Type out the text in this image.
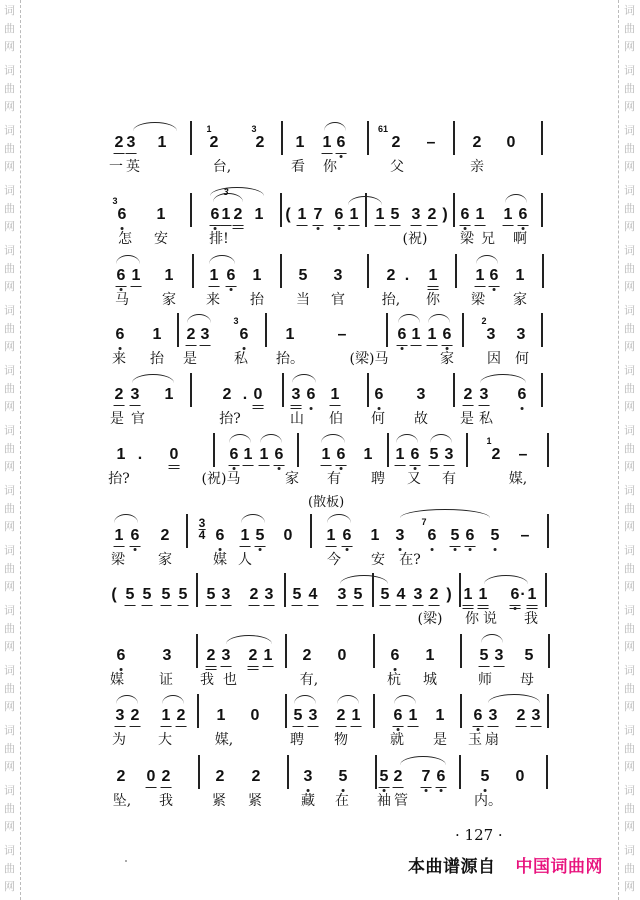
词
曲
网
词
曲
网
词
曲
网
词
曲
网
词
曲
网
词
曲
网
词
曲
网
词
曲
网
词
曲
网
词
曲
网
词
曲
网
词
曲
网
词
曲
网
词
曲
网
词
曲
网
词
曲
网
词
曲
网
词
曲
网
词
曲
网
词
曲
网
词
曲
网
词
曲
网
词
曲
网
词
曲
网
词
曲
网
词
曲
网
词
曲
网
词
曲
网
词
曲
网
词
曲
网
2 3 1	2
1
2
3
1 1 6	2
61
– 2 0
一 英	台,	看 你	父	亲
6
3
1	6 1 2 1 ( 1 7 6 1 1 5 3 2 ) 6 1 1 6
3
怎 安	排!	(祝) 梁 兄 啊
6 1 1 1 6 1 5 3	2 . 1 1 6 1
马 家 来 抬 当 官	抬, 你 梁 家
6 1 2 3 6
3
1	–	6 1 1 6 3
2
3
来 抬 是	私 抬。	(梁)马	家 因 何
2 3 1	2 . 0 3 6 1 6 3 2 3 6
是 官	抬?	山 伯 何 故 是 私
1 . 0	6 1 1 6 1 6 1 1 6 5 3 2
1
–
抬?	(祝)马	家 有 聘 又 有	媒,
1 6 2	6 1 5 0 1 6 1 3 6
7
5 6 5 –
3
4
(散板)
梁 家	媒 人	今 安 在?
( 5 5 5 5 5 3 2 3 5 4 3 5 5 4 3 2 ) 1 1 6 · 1
(梁) 你 说 我
6 3 2 3 2 1 2 0	6 1	5 3 5
媒	证 我 也	有,	杭 城	师 母
3 2 1 2 1 0 5 3 2 1 6 1 1 6 3 2 3
为 大	媒,	聘 物	就 是 玉 扇
2 0 2	2 2	3 5 5 2 7 6 5 0
坠, 我	紧 紧	藏 在 袖 管	内。
· 127 ·
本曲谱源自 中国词曲网
